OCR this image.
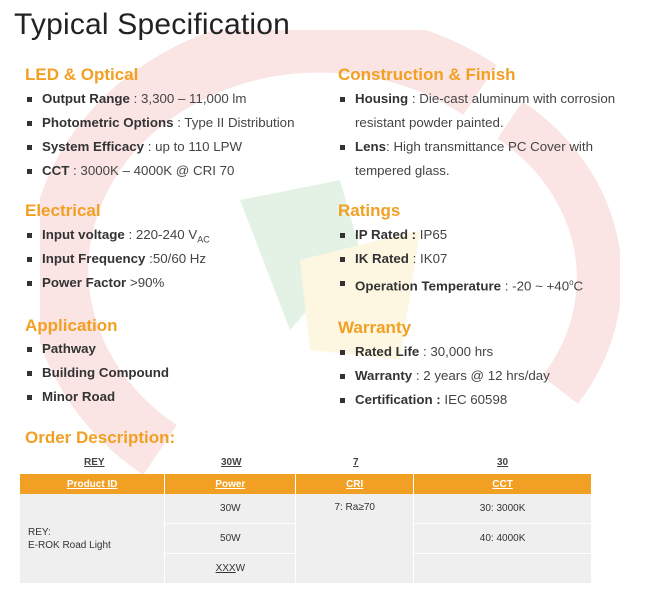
Typical Specification
LED & Optical
Output Range : 3,300 – 11,000 lm
Photometric Options : Type II Distribution
System Efficacy : up to 110 LPW
CCT : 3000K – 4000K @ CRI 70
Electrical
Input voltage : 220-240 $V_{AC}$
Input Frequency :50/60 Hz
Power Factor >90%
Application
Pathway
Building Compound
Minor Road
Construction & Finish
Housing : Die-cast aluminum with corrosion resistant powder painted.
Lens: High transmittance PC Cover with tempered glass.
Ratings
IP Rated : IP65
IK Rated : IK07
Operation Temperature : -20 ~ $+40^oC$
Warranty
Rated Life : 30,000 hrs
Warranty : 2 years @ 12 hrs/day
Certification : IEC 60598
Order Description:
REY	30W	7	30
Product ID	Power	CRI	CCT

REY:
E-ROK Road Light	30W	7: Ra≥70	30: 3000K
	50W		40: 4000K
	XXXW		
